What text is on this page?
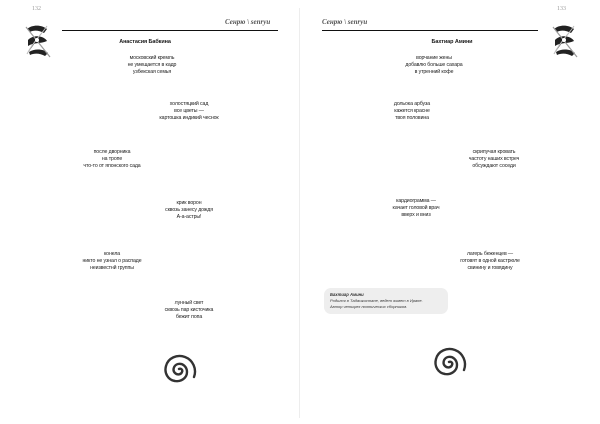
132
Сенрю \ senryu
Анастасия Бабкина
московский кремль
не умещается в кадр
узбекская семья
холостяцкий сад
все цветы —
картошка индикий чеснок
после дворника
на тропе
что-то от японского сада
крик ворон
сквозь занесу дождя
А-а-астры!
конела
никто не узнал о распаде
неизвестнй группы
лунный свет
сквозь пар кисточика
бежит попа
133
Сенрю \ senryu
Бахтиар Амини
ворчание жены
добавлю больше сахара
в утренний кофе
дольока арбуза
кажется красне
твоя половина
скрипучая кровать
частоту наших встреч
обсуждают соседи
кардиограмма —
качает головой врач
вверх и вниз
лагерь беженцев —
готовят в одной кастрюле
свинину и говядину
Бахтиар Амини
Родился в Таджикистане, ведет живет в Иране.
Автор четырех поэтических сборников.
